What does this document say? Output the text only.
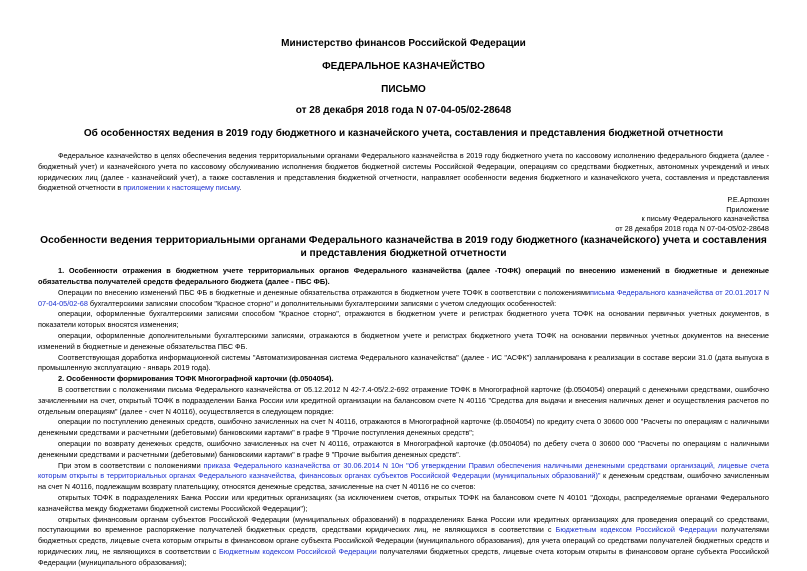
Министерство финансов Российской Федерации
ФЕДЕРАЛЬНОЕ КАЗНАЧЕЙСТВО
ПИСЬМО
от 28 декабря 2018 года N 07-04-05/02-28648
Об особенностях ведения в 2019 году бюджетного и казначейского учета, составления и представления бюджетной отчетности

Федеральное казначейство в целях обеспечения ведения территориальными органами Федерального казначейства в 2019 году бюджетного учета по кассовому исполнению федерального бюджета (далее - бюджетный учет) и казначейского учета по кассовому обслуживанию исполнения бюджетов бюджетной системы Российской Федерации, операциям со средствами бюджетных, автономных учреждений и иных юридических лиц (далее - казначейский учет), а также составления и представления бюджетной отчетности, направляет особенности ведения бюджетного и казначейского учета, составления и представления бюджетной отчетности в приложении к настоящему письму.

Р.Е.Артюхин

Приложение

к письму Федерального казначейства

от 28 декабря 2018 года N 07-04-05/02-28648

Особенности ведения территориальными органами Федерального казначейства в 2019 году бюджетного (казначейского) учета и составления и представления бюджетной отчетности

1. Особенности отражения в бюджетном учете территориальных органов Федерального казначейства (далее -ТОФК) операций по внесению изменений в бюджетные и денежные обязательства получателей средств федерального бюджета (далее - ПБС ФБ).

Операции по внесению изменений ПБС ФБ в бюджетные и денежные обязательства отражаются в бюджетном учете ТОФК в соответствии с положениямиписьма Федерального казначейства от 20.01.2017 N 07-04-05/02-68 бухгалтерскими записями способом "Красное сторно" и дополнительными бухгалтерскими записями с учетом следующих особенностей:

операции, оформленные бухгалтерскими записями способом "Красное сторно", отражаются в бюджетном учете и регистрах бюджетного учета ТОФК на основании первичных учетных документов, в показатели которых вносятся изменения;

операции, оформленные дополнительными бухгалтерскими записями, отражаются в бюджетном учете и регистрах бюджетного учета ТОФК на основании первичных учетных документов на внесение изменений в бюджетные и денежные обязательства ПБС ФБ.

Соответствующая доработка информационной системы "Автоматизированная система Федерального казначейства" (далее - ИС "АСФК") запланирована к реализации в составе версии 31.0 (дата выпуска в промышленную эксплуатацию - январь 2019 года).

2. Особенности формирования ТОФК Многографной карточки (ф.0504054).

В соответствии с положениями письма Федерального казначейства от 05.12.2012 N 42-7.4-05/2.2-692 отражение ТОФК в Многографной карточке (ф.0504054) операций с денежными средствами, ошибочно зачисленными на счет, открытый ТОФК в подразделении Банка России или кредитной организации на балансовом счете N 40116 "Средства для выдачи и внесения наличных денег и осуществления расчетов по отдельным операциям" (далее - счет N 40116), осуществляется в следующем порядке:

операции по поступлению денежных средств, ошибочно зачисленных на счет N 40116, отражаются в Многографной карточке (ф.0504054) по кредиту счета 0 30600 000 "Расчеты по операциям с наличными денежными средствами и расчетными (дебетовыми) банковскими картами" в графе 9 "Прочие поступления денежных средств";

операции по возврату денежных средств, ошибочно зачисленных на счет N 40116, отражаются в Многографной карточке (ф.0504054) по дебету счета 0 30600 000 "Расчеты по операциям с наличными денежными средствами и расчетными (дебетовыми) банковскими картами" в графе 9 "Прочие выбытия денежных средств".

При этом в соответствии с положениями приказа Федерального казначейства от 30.06.2014 N 10н "Об утверждении Правил обеспечения наличными денежными средствами организаций, лицевые счета которым открыты в территориальных органах Федерального казначейства, финансовых органах субъектов Российской Федерации (муниципальных образований)" к денежным средствам, ошибочно зачисленным на счет N 40116, подлежащим возврату плательщику, относятся денежные средства, зачисленные на счет N 40116 не со счетов:

открытых ТОФК в подразделениях Банка России или кредитных организациях (за исключением счетов, открытых ТОФК на балансовом счете N 40101 "Доходы, распределяемые органами Федерального казначейства между бюджетами бюджетной системы Российской Федерации");

открытых финансовым органам субъектов Российской Федерации (муниципальных образований) в подразделениях Банка России или кредитных организациях для проведения операций со средствами, поступающими во временное распоряжение получателей бюджетных средств, средствами юридических лиц, не являющихся в соответствии с Бюджетным кодексом Российской Федерации получателями бюджетных средств, лицевые счета которым открыты в финансовом органе субъекта Российской Федерации (муниципального образования), для учета операций со средствами получателей бюджетных средств и юридических лиц, не являющихся в соответствии с Бюджетным кодексом Российской Федерации получателями бюджетных средств, лицевые счета которым открыты в финансовом органе субъекта Российской Федерации (муниципального образования);
